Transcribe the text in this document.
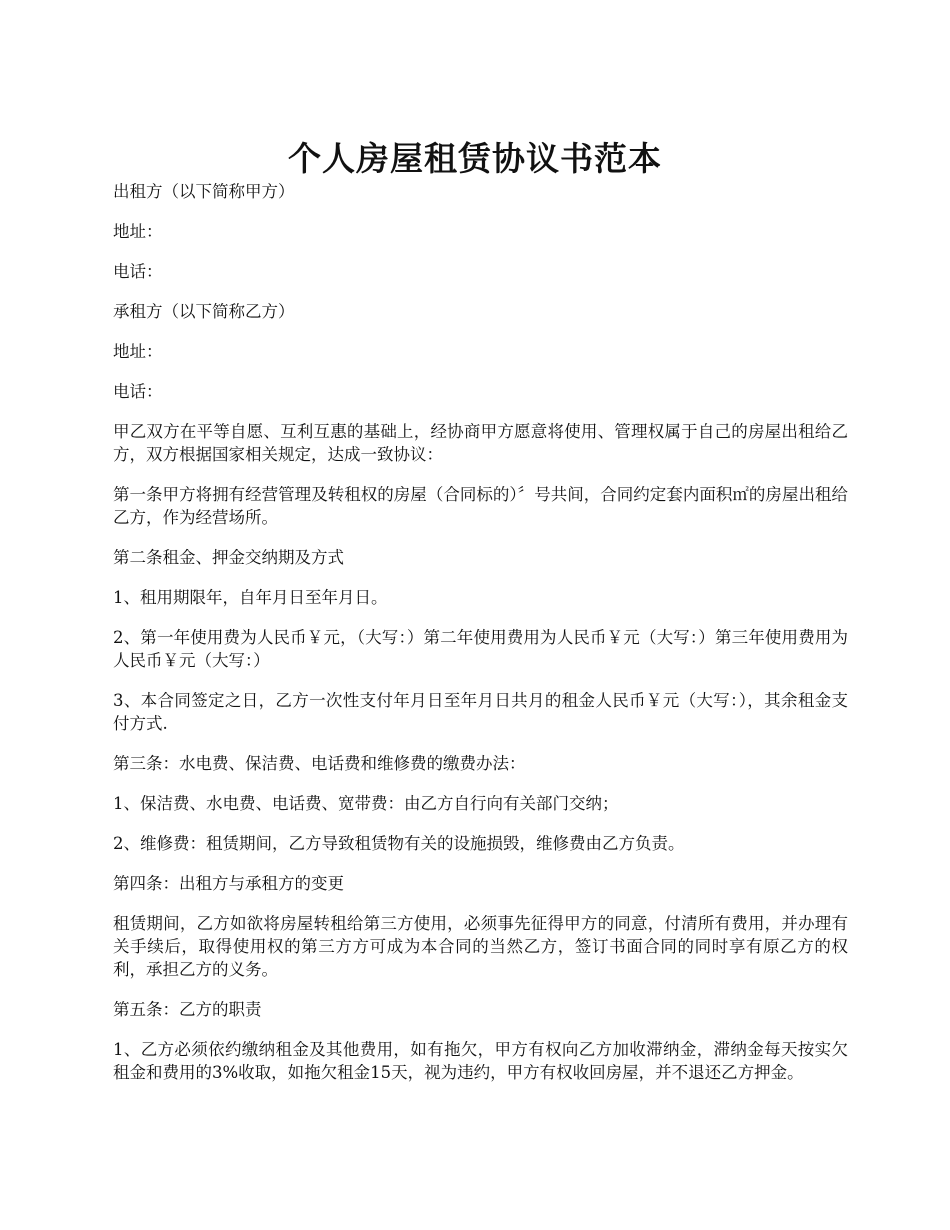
个人房屋租赁协议书范本

出租方（以下简称甲方）

地址：

电话：

承租方（以下简称乙方）

地址：

电话：

甲乙双方在平等自愿、互利互惠的基础上，经协商甲方愿意将使用、管理权属于自己的房屋出租给乙方，双方根据国家相关规定，达成一致协议：

第一条甲方将拥有经营管理及转租权的房屋（合同标的）〞号共间，合同约定套内面积㎡的房屋出租给乙方，作为经营场所。

第二条租金、押金交纳期及方式

1、租用期限年，自年月日至年月日。

2、第一年使用费为人民币￥元，（大写：）第二年使用费用为人民币￥元（大写：）第三年使用费用为人民币￥元（大写：）

3、本合同签定之日，乙方一次性支付年月日至年月日共月的租金人民币￥元（大写：），其余租金支付方式.

第三条：水电费、保洁费、电话费和维修费的缴费办法：

1、保洁费、水电费、电话费、宽带费：由乙方自行向有关部门交纳；

2、维修费：租赁期间，乙方导致租赁物有关的设施损毁，维修费由乙方负责。

第四条：出租方与承租方的变更

租赁期间，乙方如欲将房屋转租给第三方使用，必须事先征得甲方的同意，付清所有费用，并办理有关手续后，取得使用权的第三方方可成为本合同的当然乙方，签订书面合同的同时享有原乙方的权利，承担乙方的义务。

第五条：乙方的职责

1、乙方必须依约缴纳租金及其他费用，如有拖欠，甲方有权向乙方加收滞纳金，滞纳金每天按实欠租金和费用的3%收取，如拖欠租金15天，视为违约，甲方有权收回房屋，并不退还乙方押金。
